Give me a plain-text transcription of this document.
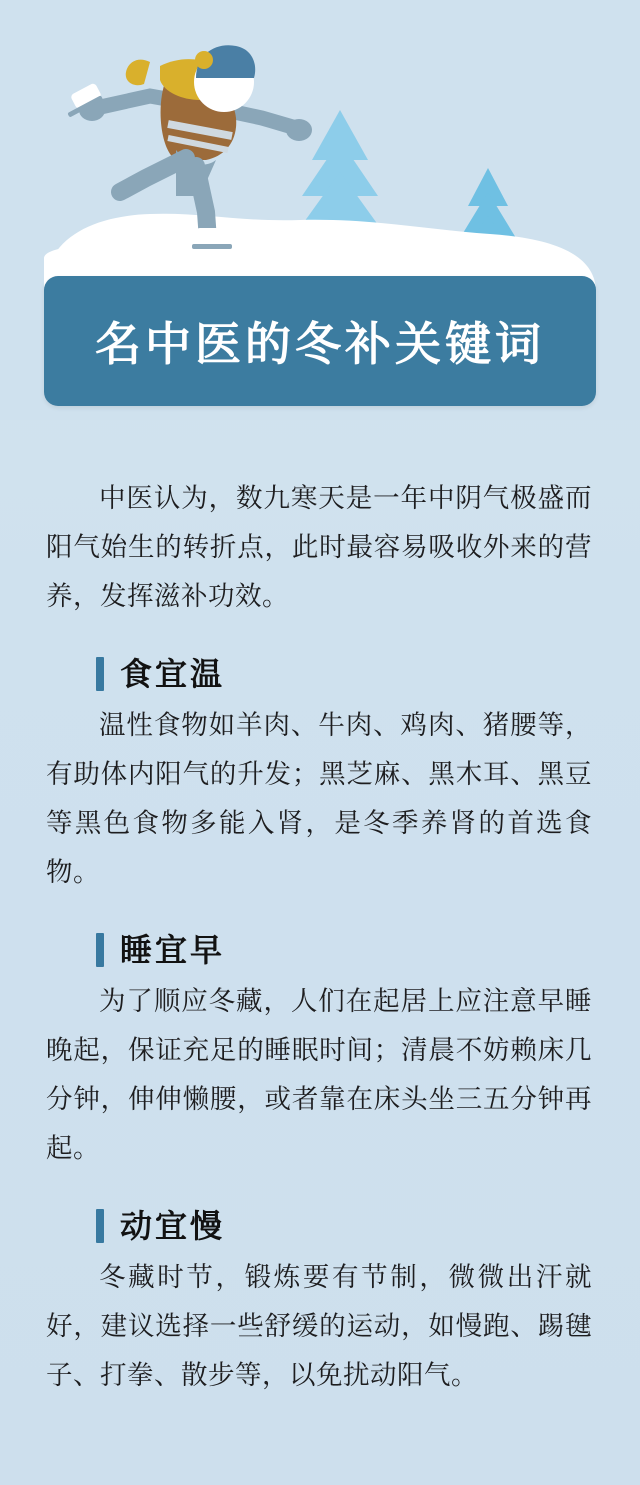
名中医的冬补关键词

中医认为，数九寒天是一年中阴气极盛而阳气始生的转折点，此时最容易吸收外来的营养，发挥滋补功效。

食宜温

温性食物如羊肉、牛肉、鸡肉、猪腰等，有助体内阳气的升发；黑芝麻、黑木耳、黑豆等黑色食物多能入肾，是冬季养肾的首选食物。

睡宜早

为了顺应冬藏，人们在起居上应注意早睡晚起，保证充足的睡眠时间；清晨不妨赖床几分钟，伸伸懒腰，或者靠在床头坐三五分钟再起。

动宜慢

冬藏时节，锻炼要有节制，微微出汗就好，建议选择一些舒缓的运动，如慢跑、踢毽子、打拳、散步等，以免扰动阳气。
